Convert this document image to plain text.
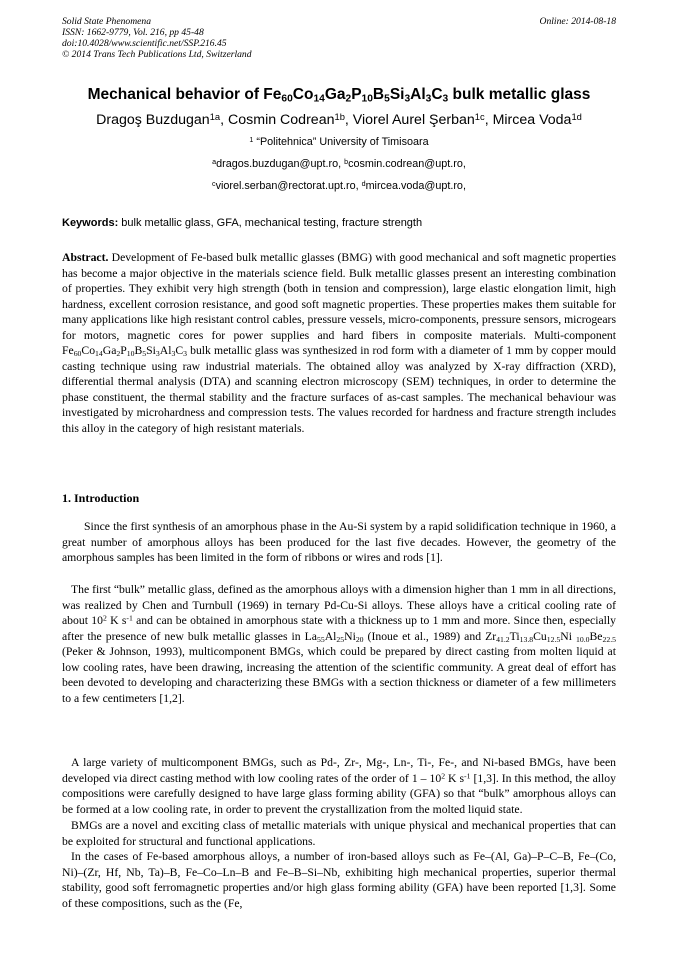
Solid State Phenomena
ISSN: 1662-9779, Vol. 216, pp 45-48
doi:10.4028/www.scientific.net/SSP.216.45
© 2014 Trans Tech Publications Ltd, Switzerland
Online: 2014-08-18
Mechanical behavior of $Fe_{60}Co_{14}Ga_2P_{10}B_5Si_3Al_3C_3$ bulk metallic glass
Dragoş Buzdugan$^{1a}$, Cosmin Codrean$^{1b}$, Viorel Aurel Şerban$^{1c}$, Mircea Voda$^{1d}$
$^1$ “Politehnica” University of Timisoara
$^a$dragos.buzdugan@upt.ro, $^b$cosmin.codrean@upt.ro,
$^c$viorel.serban@rectorat.upt.ro, $^d$mircea.voda@upt.ro,
Keywords: bulk metallic glass, GFA, mechanical testing, fracture strength
Abstract. Development of Fe-based bulk metallic glasses (BMG) with good mechanical and soft magnetic properties has become a major objective in the materials science field. Bulk metallic glasses present an interesting combination of properties. They exhibit very high strength (both in tension and compression), large elastic elongation limit, high hardness, excellent corrosion resistance, and good soft magnetic properties. These properties makes them suitable for many applications like high resistant control cables, pressure vessels, micro-components, pressure sensors, microgears for motors, magnetic cores for power supplies and hard fibers in composite materials. Multi-component $Fe_{60}Co_{14}Ga_2P_{10}B_5Si_3Al_3C_3$ bulk metallic glass was synthesized in rod form with a diameter of 1 mm by copper mould casting technique using raw industrial materials. The obtained alloy was analyzed by X-ray diffraction (XRD), differential thermal analysis (DTA) and scanning electron microscopy (SEM) techniques, in order to determine the phase constituent, the thermal stability and the fracture surfaces of as-cast samples. The mechanical behaviour was investigated by microhardness and compression tests. The values recorded for hardness and fracture strength includes this alloy in the category of high resistant materials.
1. Introduction
Since the first synthesis of an amorphous phase in the Au-Si system by a rapid solidification technique in 1960, a great number of amorphous alloys has been produced for the last five decades. However, the geometry of the amorphous samples has been limited in the form of ribbons or wires and rods [1].
The first “bulk” metallic glass, defined as the amorphous alloys with a dimension higher than 1 mm in all directions, was realized by Chen and Turnbull (1969) in ternary Pd-Cu-Si alloys. These alloys have a critical cooling rate of about $10^2$ K $s^{-1}$ and can be obtained in amorphous state with a thickness up to 1 mm and more. Since then, especially after the presence of new bulk metallic glasses in $La_{55}Al_{25}Ni_{20}$ (Inoue et al., 1989) and $Zr_{41.2}Ti_{13.8}Cu_{12.5}Ni$ $_{10.0}Be_{22.5}$ (Peker & Johnson, 1993), multicomponent BMGs, which could be prepared by direct casting from molten liquid at low cooling rates, have been drawing, increasing the attention of the scientific community. A great deal of effort has been devoted to developing and characterizing these BMGs with a section thickness or diameter of a few millimeters to a few centimeters [1,2].
A large variety of multicomponent BMGs, such as Pd-, Zr-, Mg-, Ln-, Ti-, Fe-, and Ni-based BMGs, have been developed via direct casting method with low cooling rates of the order of $1 - 10^2$ K $s^{-1}$ [1,3]. In this method, the alloy compositions were carefully designed to have large glass forming ability (GFA) so that “bulk” amorphous alloys can be formed at a low cooling rate, in order to prevent the crystallization from the molted liquid state.
BMGs are a novel and exciting class of metallic materials with unique physical and mechanical properties that can be exploited for structural and functional applications.
In the cases of Fe-based amorphous alloys, a number of iron-based alloys such as Fe–(Al, Ga)–P–C–B, Fe–(Co, Ni)–(Zr, Hf, Nb, Ta)–B, Fe–Co–Ln–B and Fe–B–Si–Nb, exhibiting high mechanical properties, superior thermal stability, good soft ferromagnetic properties and/or high glass forming ability (GFA) have been reported [1,3]. Some of these compositions, such as the (Fe,
